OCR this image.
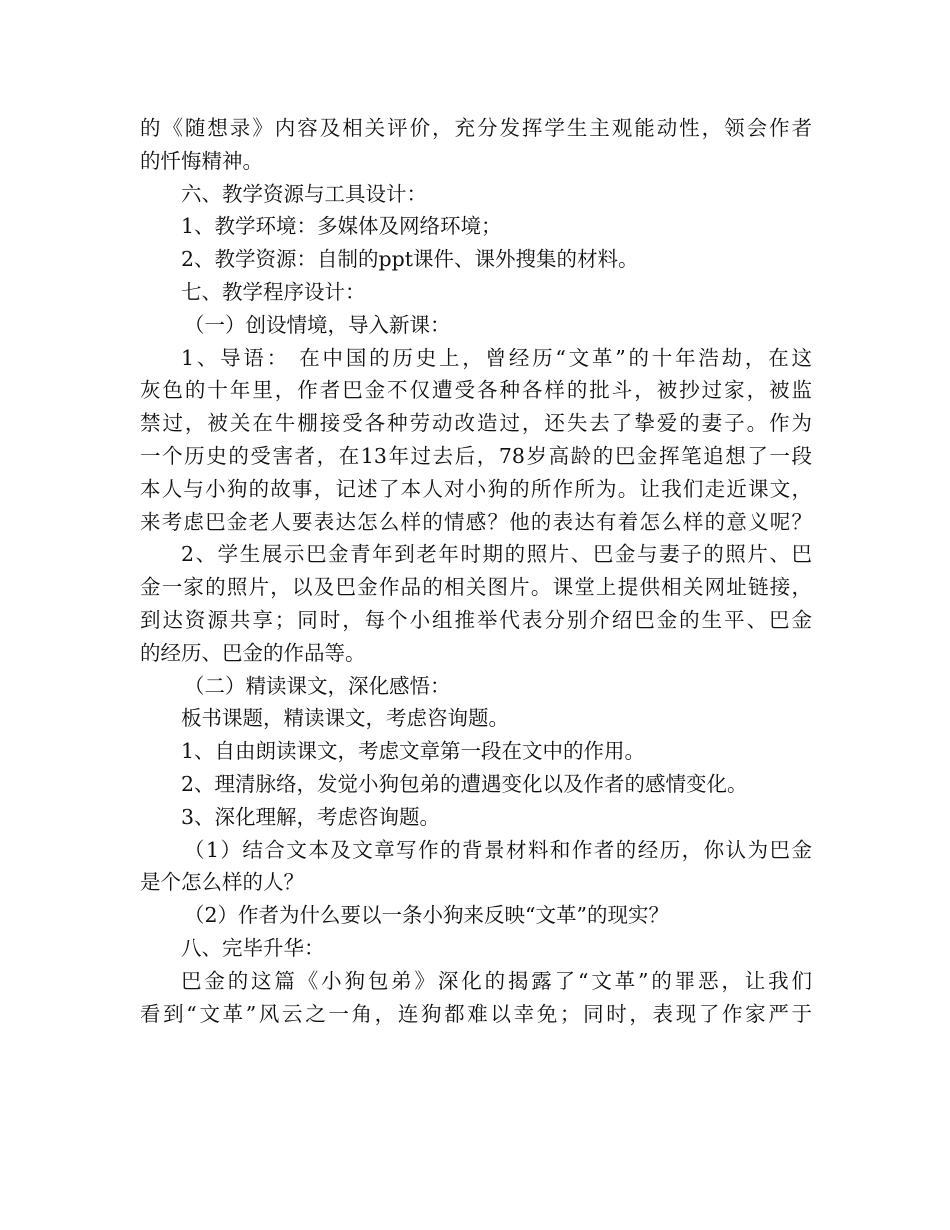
的《随想录》内容及相关评价，充分发挥学生主观能动性，领会作者
的忏悔精神。
六、教学资源与工具设计：
1、教学环境：多媒体及网络环境；
2、教学资源：自制的ppt课件、课外搜集的材料。
七、教学程序设计：
（一）创设情境，导入新课：
1、导语： 在中国的历史上，曾经历“文革”的十年浩劫，在这
灰色的十年里，作者巴金不仅遭受各种各样的批斗，被抄过家，被监
禁过，被关在牛棚接受各种劳动改造过，还失去了挚爱的妻子。作为
一个历史的受害者，在13年过去后，78岁高龄的巴金挥笔追想了一段
本人与小狗的故事，记述了本人对小狗的所作所为。让我们走近课文，
来考虑巴金老人要表达怎么样的情感？他的表达有着怎么样的意义呢？
2、学生展示巴金青年到老年时期的照片、巴金与妻子的照片、巴
金一家的照片，以及巴金作品的相关图片。课堂上提供相关网址链接，
到达资源共享；同时，每个小组推举代表分别介绍巴金的生平、巴金
的经历、巴金的作品等。
（二）精读课文，深化感悟：
板书课题，精读课文，考虑咨询题。
1、自由朗读课文，考虑文章第一段在文中的作用。
2、理清脉络，发觉小狗包弟的遭遇变化以及作者的感情变化。
3、深化理解，考虑咨询题。
（1）结合文本及文章写作的背景材料和作者的经历，你认为巴金
是个怎么样的人？
（2）作者为什么要以一条小狗来反映“文革”的现实？
八、完毕升华：
巴金的这篇《小狗包弟》深化的揭露了“文革”的罪恶，让我们
看到“文革”风云之一角，连狗都难以幸免；同时，表现了作家严于
